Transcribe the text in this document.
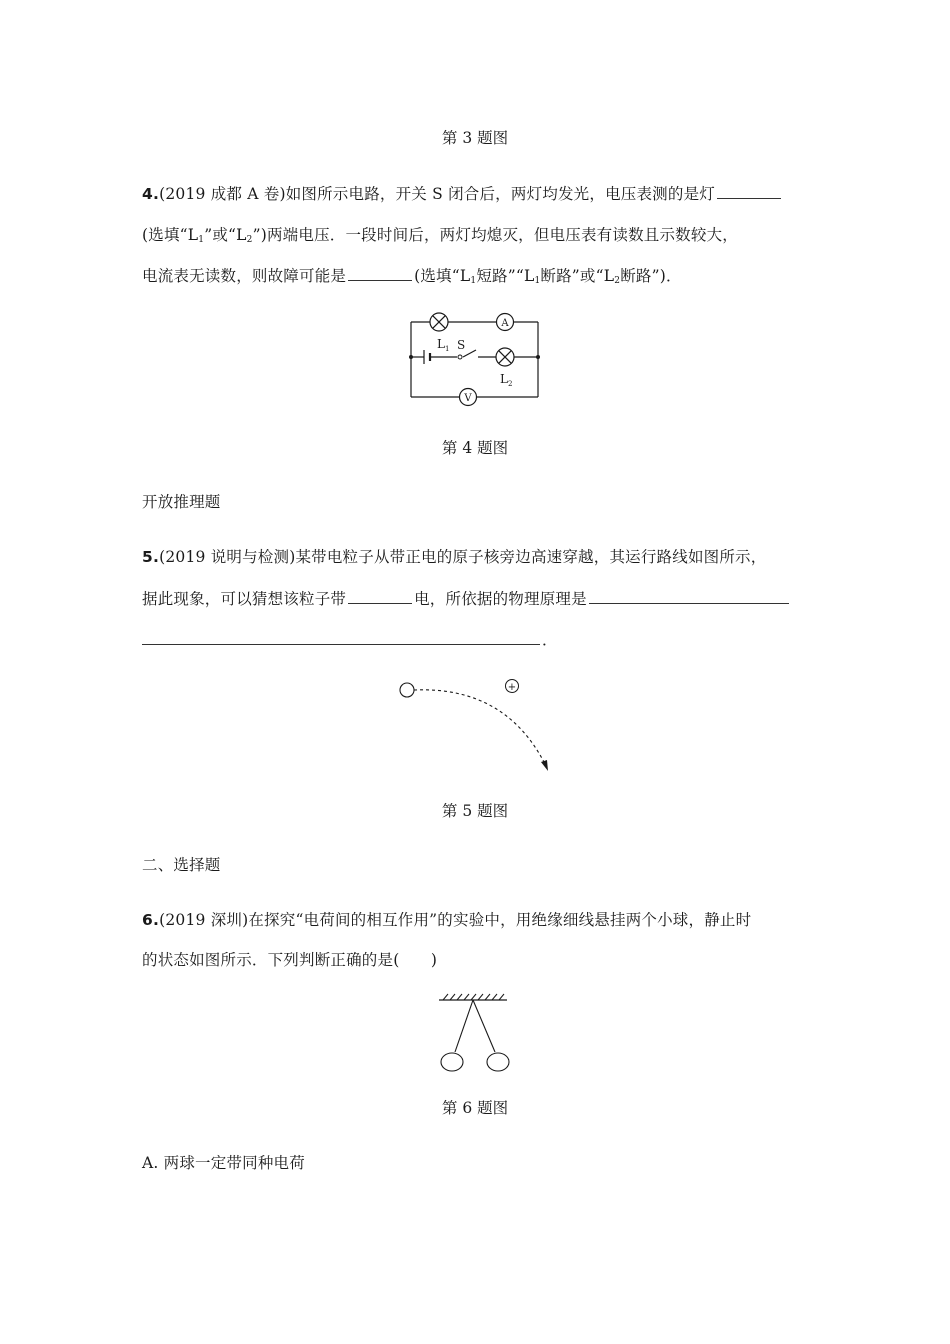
第 3 题图
4.(2019 成都 A 卷)如图所示电路，开关 S 闭合后，两灯均发光，电压表测的是灯
(选填“$L_1$”或“$L_2$”)两端电压．一段时间后，两灯均熄灭，但电压表有读数且示数较大，
电流表无读数，则故障可能是	(选填“$L_1$短路$”“L_1$断路”或“$L_2$断路”)．
A
V
$L_1$ S
$L_2$
第 4 题图
开放推理题
5.(2019 说明与检测)某带电粒子从带正电的原子核旁边高速穿越，其运行路线如图所示，
据此现象，可以猜想该粒子带	电，所依据的物理原理是
．
+
第 5 题图
二、选择题
6.(2019 深圳)在探究“电荷间的相互作用”的实验中，用绝缘细线悬挂两个小球，静止时
的状态如图所示．下列判断正确的是(　　)
第 6 题图
A. 两球一定带同种电荷
